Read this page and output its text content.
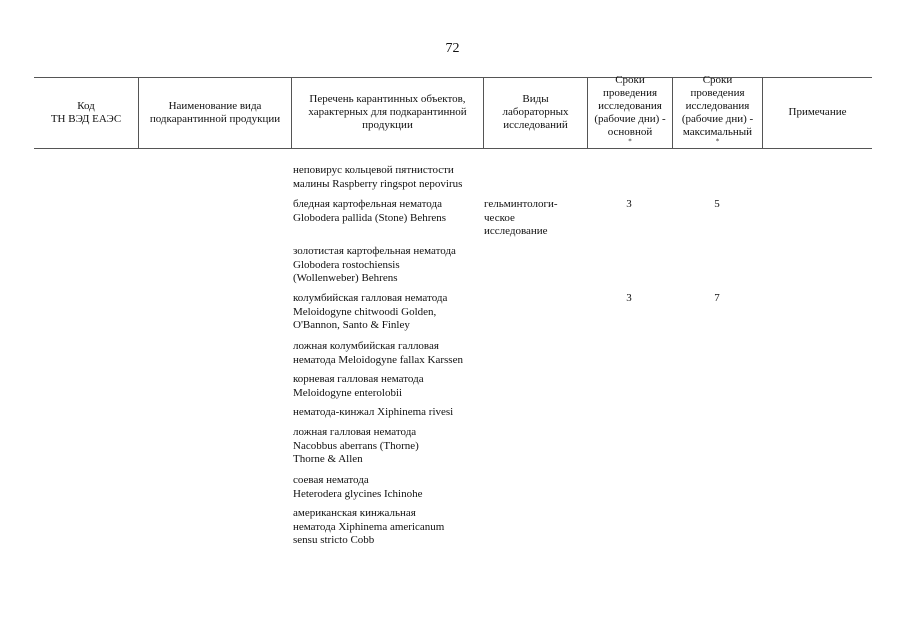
72
Код
ТН ВЭД ЕАЭС
Наименование вида
подкарантинной продукции
Перечень карантинных объектов,
характерных для подкарантинной
продукции
Виды
лабораторных
исследований
Сроки
проведения
исследования
(рабочие дни) -
основной
*
Сроки
проведения
исследования
(рабочие дни) -
максимальный
*
Примечание
неповирус кольцевой пятнистости
малины Raspberry ringspot nepovirus
бледная картофельная нематода
Globodera pallida (Stone) Behrens
гельминтологи-
ческое
исследование
3	5
золотистая картофельная нематода
Globodera rostochiensis
(Wollenweber) Behrens
колумбийская галловая нематода
Meloidogyne chitwoodi Golden,
O'Bannon, Santo & Finley
3	7
ложная колумбийская галловая
нематода Meloidogyne fallax Karssen
корневая галловая нематода
Meloidogyne enterolobii
нематода-кинжал Xiphinema rivesi
ложная галловая нематода
Nacobbus aberrans (Thorne)
Thorne & Allen
соевая нематода
Heterodera glycines Ichinohe
американская кинжальная
нематода Xiphinema americanum
sensu stricto Cobb
